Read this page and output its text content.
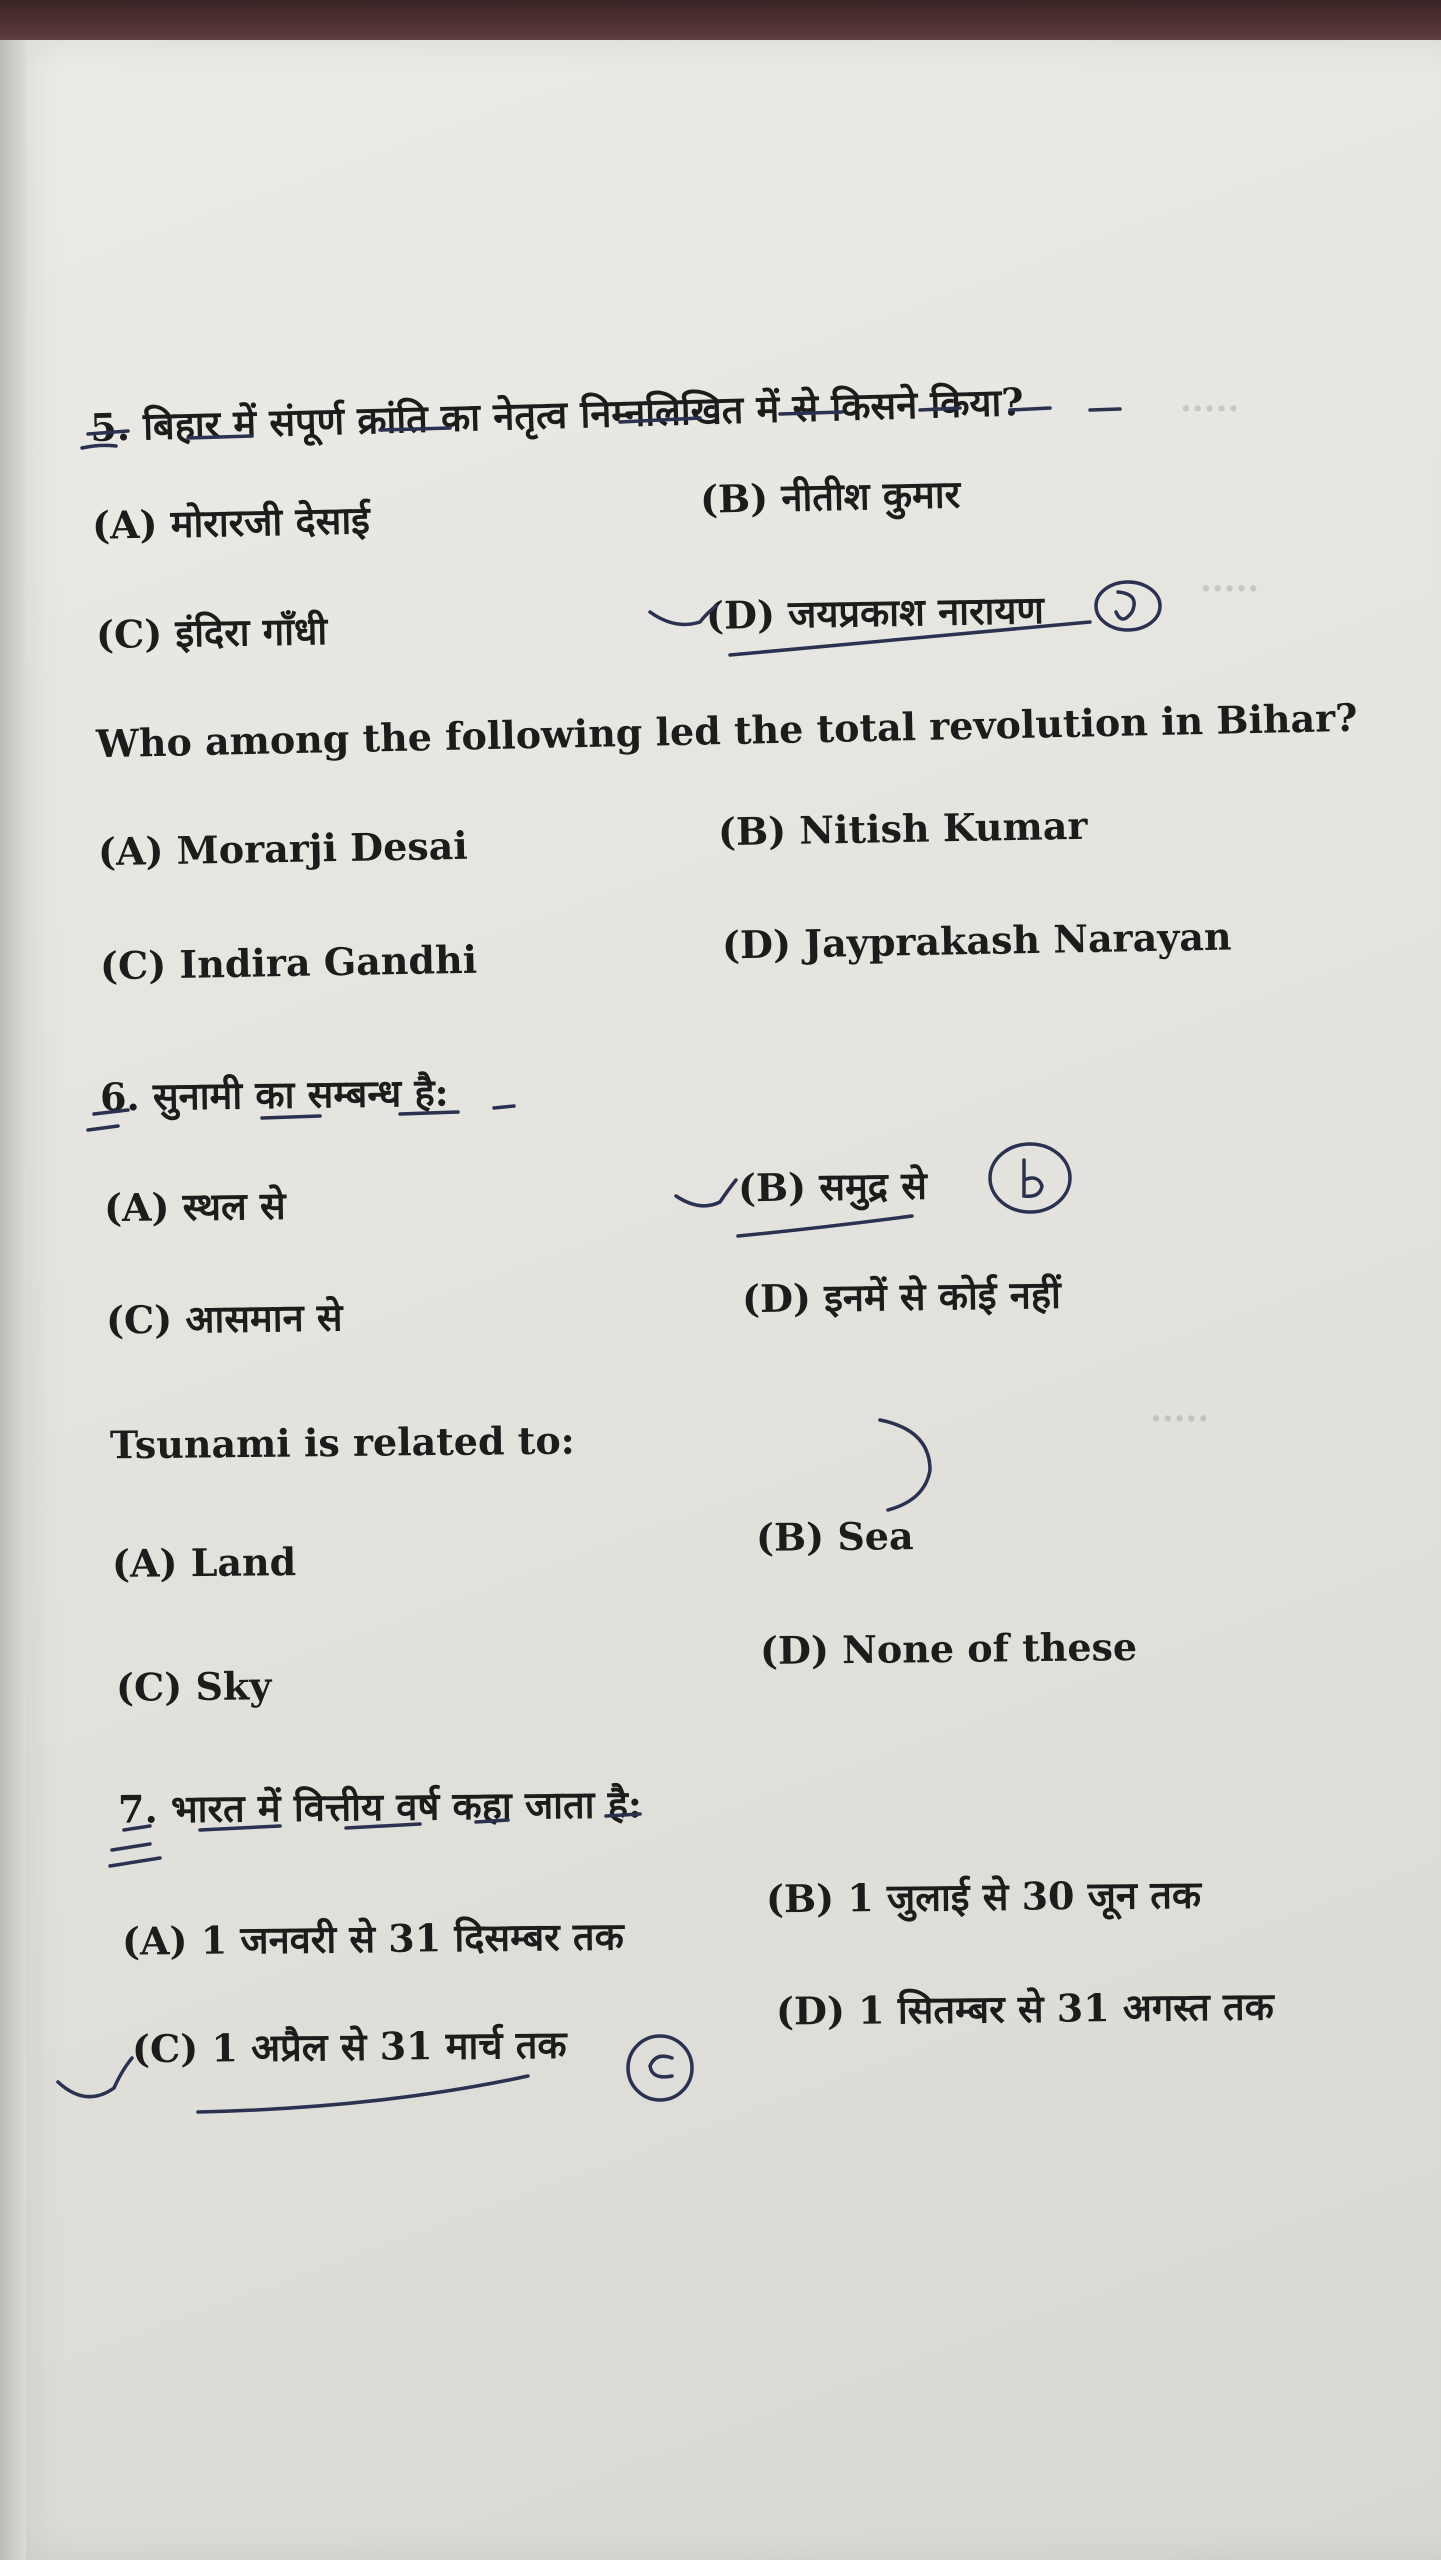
.....
.....
.....
5. बिहार में संपूर्ण क्रांति का नेतृत्व निम्नलिखित में से किसने किया?
(A) मोरारजी देसाई
(B) नीतीश कुमार
(C) इंदिरा गाँधी	(D) जयप्रकाश नारायण
Who among the following led the total revolution in Bihar?
(A) Morarji Desai	(B) Nitish Kumar
(C) Indira Gandhi	(D) Jayprakash Narayan
6. सुनामी का सम्बन्ध है:
(A) स्थल से	(B) समुद्र से
(C) आसमान से	(D) इनमें से कोई नहीं
Tsunami is related to:
(A) Land
(B) Sea
(C) Sky
(D) None of these
7. भारत में वित्तीय वर्ष कहा जाता है:
(A) 1 जनवरी से 31 दिसम्बर तक
(B) 1 जुलाई से 30 जून तक
(C) 1 अप्रैल से 31 मार्च तक
(D) 1 सितम्बर से 31 अगस्त तक
